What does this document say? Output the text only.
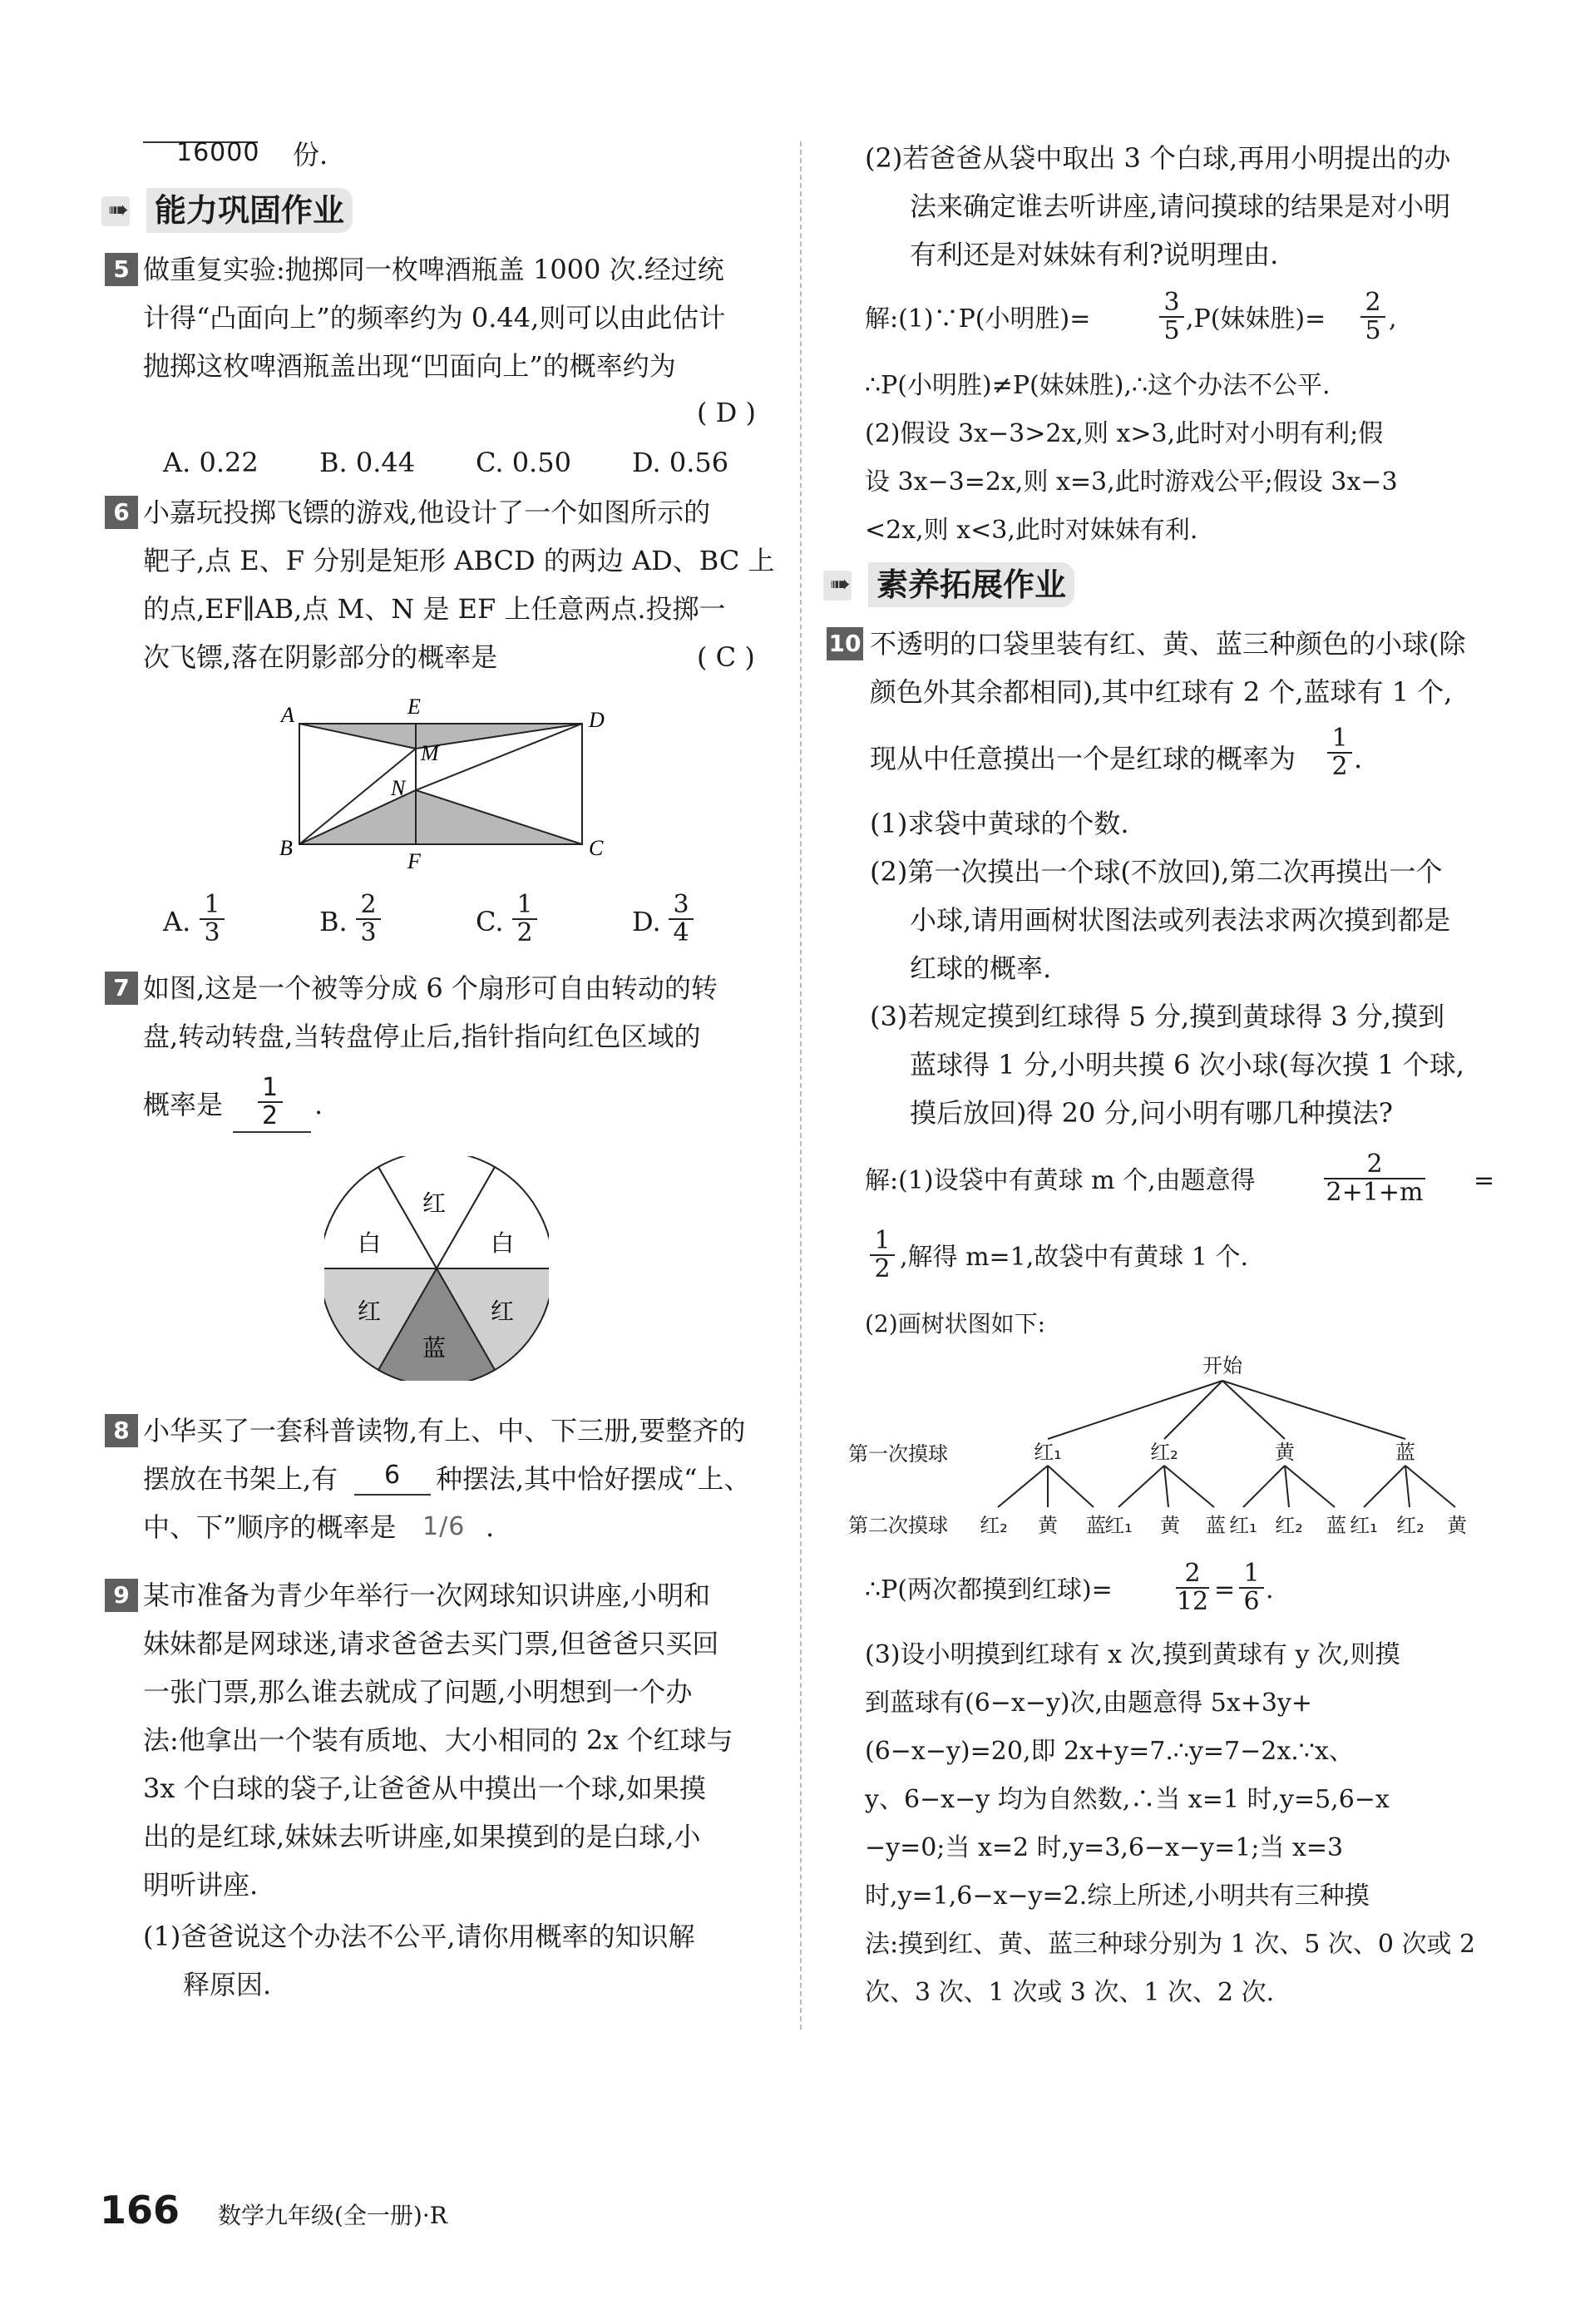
16000 份.
➠ 能力巩固作业
5 做重复实验:抛掷同一枚啤酒瓶盖 1000 次.经过统
计得“凸面向上”的频率约为 0.44,则可以由此估计
抛掷这枚啤酒瓶盖出现“凹面向上”的概率约为
( D )
A. 0.22 B. 0.44 C. 0.50 D. 0.56
6 小嘉玩投掷飞镖的游戏,他设计了一个如图所示的
靶子,点 E、F 分别是矩形 ABCD 的两边 AD、BC 上
的点,EF∥AB,点 M、N 是 EF 上任意两点.投掷一
次飞镖,落在阴影部分的概率是	( C )
A	E
D
M
N
B
F
C
A. $\frac{1}{3}$	B. $\frac{2}{3}$	C. $\frac{1}{2}$	D. $\frac{3}{4}$
7 如图,这是一个被等分成 6 个扇形可自由转动的转
盘,转动转盘,当转盘停止后,指针指向红色区域的
概率是 $\frac{1}{2}$ .
红
白	白
红	红
蓝
8 小华买了一套科普读物,有上、中、下三册,要整齐的
摆放在书架上,有 6 种摆法,其中恰好摆成“上、
中、下”顺序的概率是 1/6 .
9 某市准备为青少年举行一次网球知识讲座,小明和
妹妹都是网球迷,请求爸爸去买门票,但爸爸只买回
一张门票,那么谁去就成了问题,小明想到一个办
法:他拿出一个装有质地、大小相同的 2x 个红球与
3x 个白球的袋子,让爸爸从中摸出一个球,如果摸
出的是红球,妹妹去听讲座,如果摸到的是白球,小
明听讲座.
(1)爸爸说这个办法不公平,请你用概率的知识解
释原因.
(2)若爸爸从袋中取出 3 个白球,再用小明提出的办
法来确定谁去听讲座,请问摸球的结果是对小明
有利还是对妹妹有利?说明理由.
解:(1)∵P(小明胜)=	$\frac{3}{5} ,P$(妹妹胜)= $\frac{2}{5}$ ,
∴P(小明胜)≠P(妹妹胜),∴这个办法不公平.
(2)假设 3x−3>2x,则 x>3,此时对小明有利;假
设 3x−3=2x,则 x=3,此时游戏公平;假设 3x−3
<2x,则 x<3,此时对妹妹有利.
➠ 素养拓展作业
10 不透明的口袋里装有红、黄、蓝三种颜色的小球(除
颜色外其余都相同),其中红球有 2 个,蓝球有 1 个,
现从中任意摸出一个是红球的概率为 $\frac{1}{2}$ .
(1)求袋中黄球的个数.
(2)第一次摸出一个球(不放回),第二次再摸出一个
小球,请用画树状图法或列表法求两次摸到都是
红球的概率.
(3)若规定摸到红球得 5 分,摸到黄球得 3 分,摸到
蓝球得 1 分,小明共摸 6 次小球(每次摸 1 个球,
摸后放回)得 20 分,问小明有哪几种摸法?
解:(1)设袋中有黄球 m 个,由题意得	$\frac{2}{2+1+m}$ =
$\frac{1}{2}$ ,解得 m=1,故袋中有黄球 1 个.
(2)画树状图如下:
开始
第一次摸球
第二次摸球
红₁	红₂	黄	蓝
红₂ 黄 蓝
红₁ 黄 蓝 红₁ 红₂ 蓝 红₁ 红₂ 黄
∴P(两次都摸到红球)=	$\frac{2}{12} = \frac{1}{6}$ .
(3)设小明摸到红球有 x 次,摸到黄球有 y 次,则摸
到蓝球有(6−x−y)次,由题意得 5x+3y+
(6−x−y)=20,即 2x+y=7.∴y=7−2x.∵x、
y、6−x−y 均为自然数,∴当 x=1 时,y=5,6−x
−y=0;当 x=2 时,y=3,6−x−y=1;当 x=3
时,y=1,6−x−y=2.综上所述,小明共有三种摸
法:摸到红、黄、蓝三种球分别为 1 次、5 次、0 次或 2
次、3 次、1 次或 3 次、1 次、2 次.
166 数学九年级(全一册)·R
